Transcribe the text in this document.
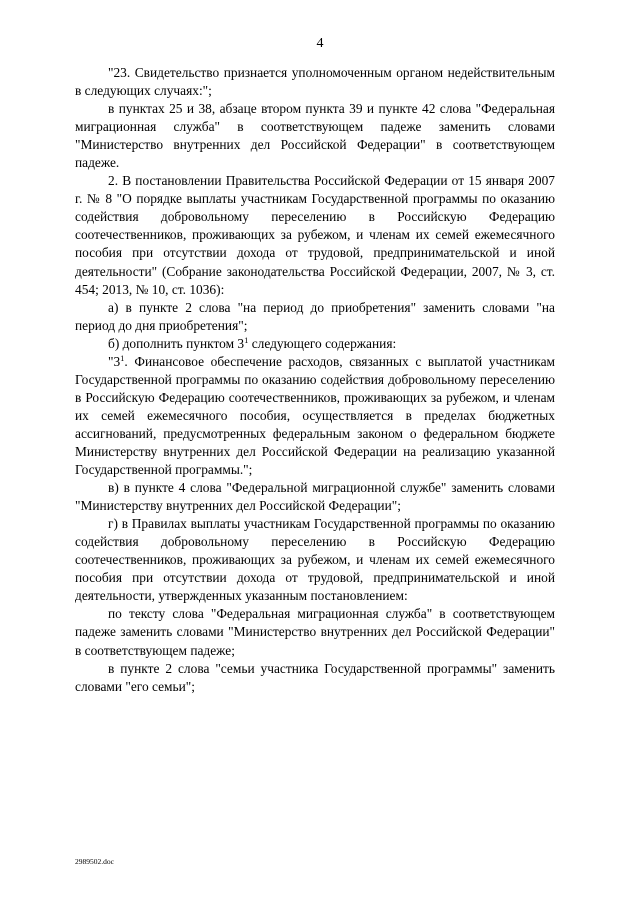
4

"23. Свидетельство признается уполномоченным органом недействительным в следующих случаях:";

в пунктах 25 и 38, абзаце втором пункта 39 и пункте 42 слова "Федеральная миграционная служба" в соответствующем падеже заменить словами "Министерство внутренних дел Российской Федерации" в соответствующем падеже.

2. В постановлении Правительства Российской Федерации от 15 января 2007 г. № 8 "О порядке выплаты участникам Государственной программы по оказанию содействия добровольному переселению в Российскую Федерацию соотечественников, проживающих за рубежом, и членам их семей ежемесячного пособия при отсутствии дохода от трудовой, предпринимательской и иной деятельности" (Собрание законодательства Российской Федерации, 2007, № 3, ст. 454; 2013, № 10, ст. 1036):

а) в пункте 2 слова "на период до приобретения" заменить словами "на период до дня приобретения";

б) дополнить пунктом $3^1$ следующего содержания:

"$3^1$. Финансовое обеспечение расходов, связанных с выплатой участникам Государственной программы по оказанию содействия добровольному переселению в Российскую Федерацию соотечественников, проживающих за рубежом, и членам их семей ежемесячного пособия, осуществляется в пределах бюджетных ассигнований, предусмотренных федеральным законом о федеральном бюджете Министерству внутренних дел Российской Федерации на реализацию указанной Государственной программы.";

в) в пункте 4 слова "Федеральной миграционной службе" заменить словами "Министерству внутренних дел Российской Федерации";

г) в Правилах выплаты участникам Государственной программы по оказанию содействия добровольному переселению в Российскую Федерацию соотечественников, проживающих за рубежом, и членам их семей ежемесячного пособия при отсутствии дохода от трудовой, предпринимательской и иной деятельности, утвержденных указанным постановлением:

по тексту слова "Федеральная миграционная служба" в соответствующем падеже заменить словами "Министерство внутренних дел Российской Федерации" в соответствующем падеже;

в пункте 2 слова "семьи участника Государственной программы" заменить словами "его семьи";

2989502.doc
